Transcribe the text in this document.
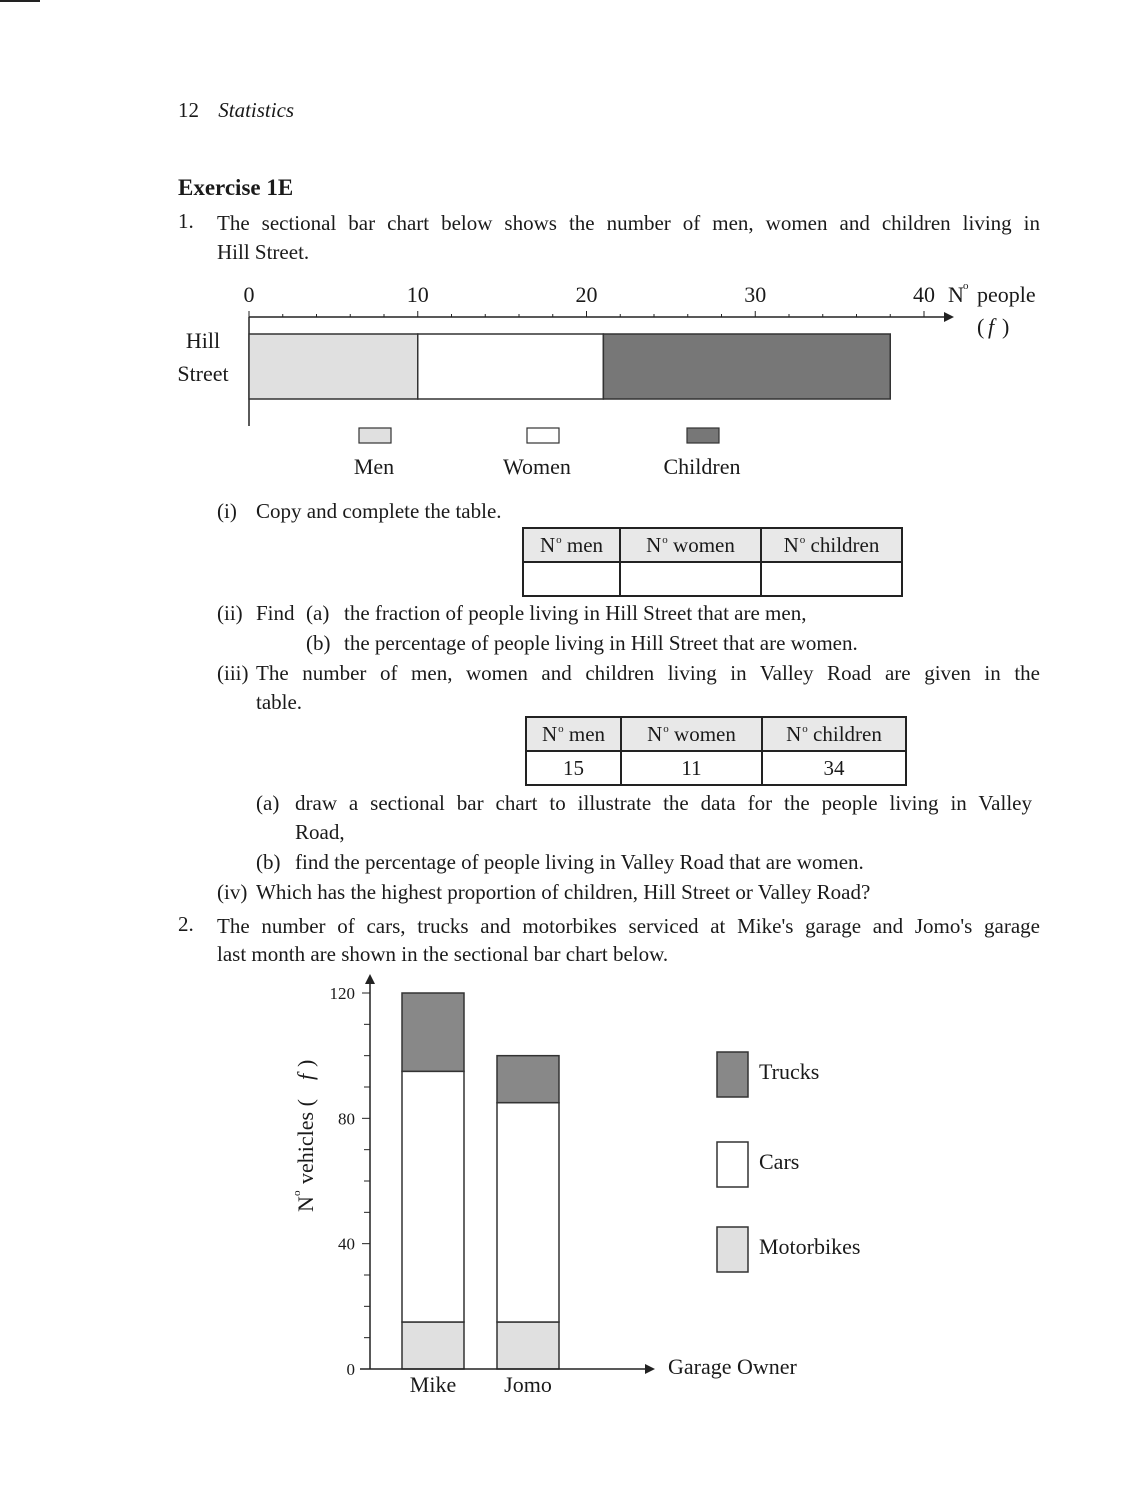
12 Statistics
Exercise 1E
1. The sectional bar chart below shows the number of men, women and children living in
Hill Street.
0	10	20	30	40
Men	Women	Children
N o people
( f )
Hill
Street
(i) Copy and complete the table.
$N^o$ men	$N^o$ women	$N^o$ children

(ii) Find (a) the fraction of people living in Hill Street that are men,
(b) the percentage of people living in Hill Street that are women.
(iii) The number of men, women and children living in Valley Road are given in the
table.
$N^o$ men	$N^o$ women	$N^o$ children
15	11	34
(a) draw a sectional bar chart to illustrate the data for the people living in Valley
Road,
(b) find the percentage of people living in Valley Road that are women.
(iv) Which has the highest proportion of children, Hill Street or Valley Road?
2. The number of cars, trucks and motorbikes serviced at Mike's garage and Jomo's garage
last month are shown in the sectional bar chart below.
0
40
80
120
Mike Jomo
Trucks
Cars
Motorbikes
Garage Owner
N
o
vehicles (
f
)
